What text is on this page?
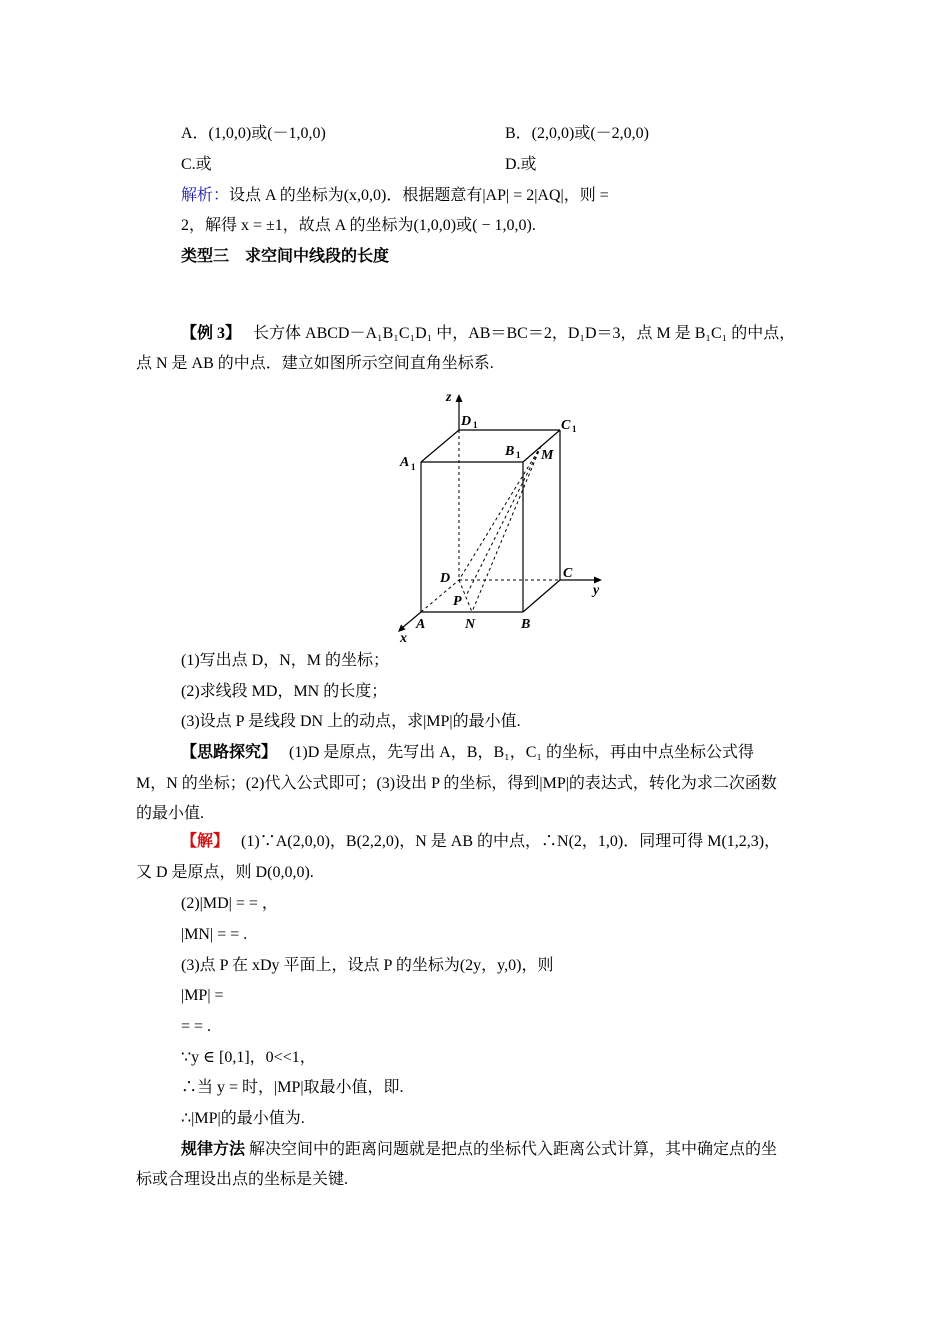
A．(1,0,0)或(－1,0,0)	B．(2,0,0)或(－2,0,0)
C.或	D.或
解析：设点 A 的坐标为(x,0,0)．根据题意有|AP| = 2|AQ|，则 =
2，解得 x = ±1，故点 A 的坐标为(1,0,0)或( − 1,0,0).
类型三　求空间中线段的长度
【例 3】　 长方体 ABCD－A₁B₁C₁D₁ 中，AB＝BC＝2，D₁D＝3，点 M 是 B₁C₁ 的中点，
点 N 是 AB 的中点．建立如图所示空间直角坐标系.
z
y
x
D 1	C 1
A 1
B 1 M
D	C
P
A	N	B
(1)写出点 D，N，M 的坐标；
(2)求线段 MD，MN 的长度；
(3)设点 P 是线段 DN 上的动点，求|MP|的最小值.
【思路探究】　 (1)D 是原点，先写出 A，B，B₁，C₁ 的坐标，再由中点坐标公式得
M，N 的坐标；(2)代入公式即可；(3)设出 P 的坐标，得到|MP|的表达式，转化为求二次函数
的最小值.
【解】　 (1)∵A(2,0,0)，B(2,2,0)，N 是 AB 的中点，∴N(2，1,0)．同理可得 M(1,2,3)，
又 D 是原点，则 D(0,0,0).
(2)|MD| = = ，
|MN| = = .
(3)点 P 在 xDy 平面上，设点 P 的坐标为(2y，y,0)，则
|MP| =
= = .
∵y ∈ [0,1]，0<<1，
∴当 y = 时，|MP|取最小值，即.
∴|MP|的最小值为.
规律方法 解决空间中的距离问题就是把点的坐标代入距离公式计算，其中确定点的坐
标或合理设出点的坐标是关键.
